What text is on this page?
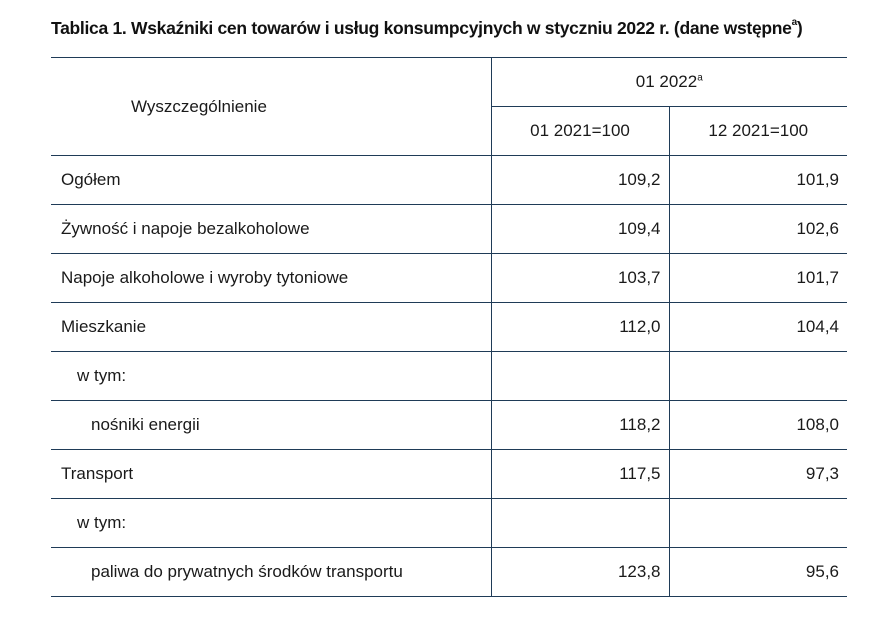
Tablica 1. Wskaźniki cen towarów i usług konsumpcyjnych w styczniu 2022 r. (dane wstępne$^a$)
Wyszczególnienie	01 2022$^a$
	01 2021=100	12 2021=100
Ogółem	109,2	101,9
Żywność i napoje bezalkoholowe	109,4	102,6
Napoje alkoholowe i wyroby tytoniowe	103,7	101,7
Mieszkanie	112,0	104,4
w tym:		
nośniki energii	118,2	108,0
Transport	117,5	97,3
w tym:		
paliwa do prywatnych środków transportu	123,8	95,6
